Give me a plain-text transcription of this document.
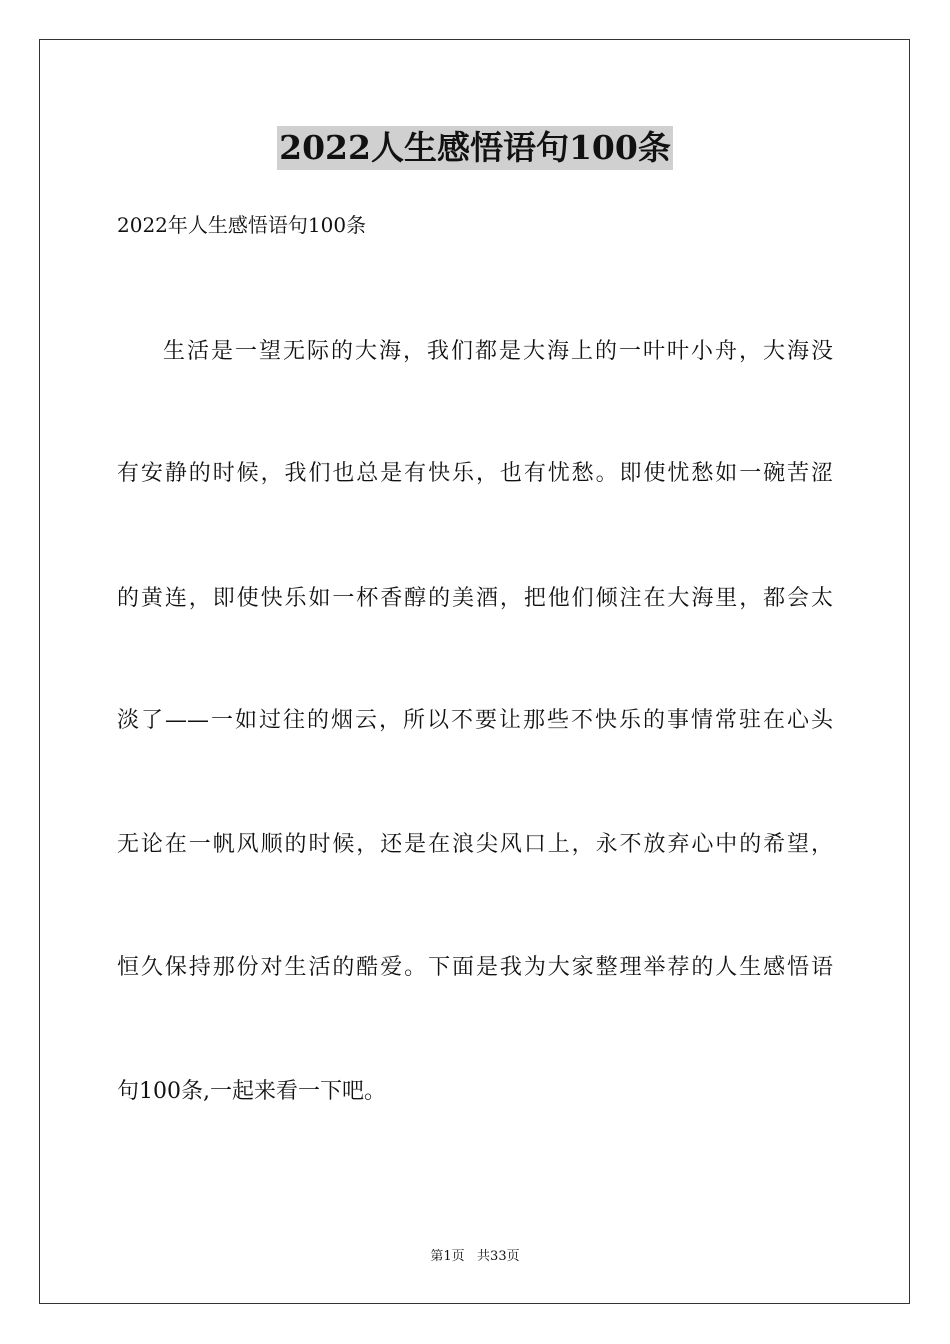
2022人生感悟语句100条
2022年人生感悟语句100条
生活是一望无际的大海，我们都是大海上的一叶叶小舟，大海没
有安静的时候，我们也总是有快乐，也有忧愁。即使忧愁如一碗苦涩
的黄连，即使快乐如一杯香醇的美酒，把他们倾注在大海里，都会太
淡了——一如过往的烟云，所以不要让那些不快乐的事情常驻在心头
无论在一帆风顺的时候，还是在浪尖风口上，永不放弃心中的希望，
恒久保持那份对生活的酷爱。下面是我为大家整理举荐的人生感悟语
句100条,一起来看一下吧。
第1页   共33页
